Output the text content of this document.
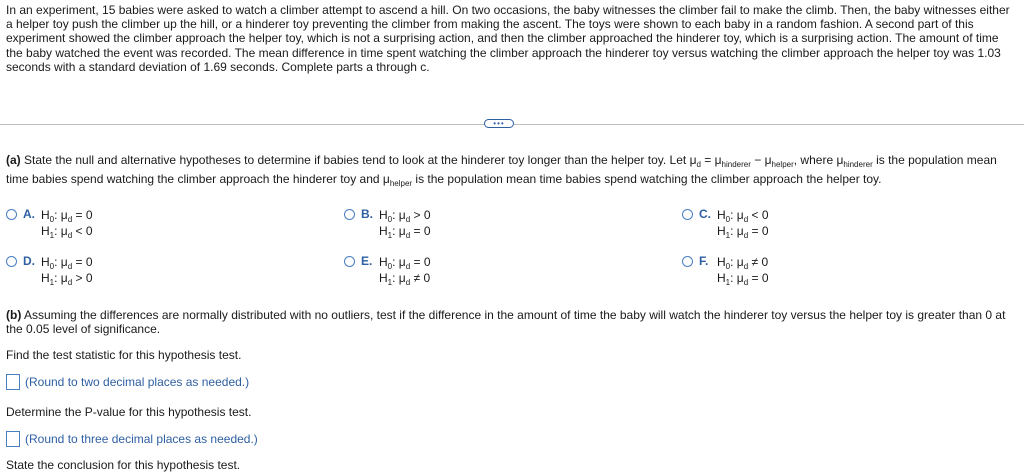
In an experiment, 15 babies were asked to watch a climber attempt to ascend a hill. On two occasions, the baby witnesses the climber fail to make the climb. Then, the baby witnesses either a helper toy push the climber up the hill, or a hinderer toy preventing the climber from making the ascent. The toys were shown to each baby in a random fashion. A second part of this experiment showed the climber approach the helper toy, which is not a surprising action, and then the climber approached the hinderer toy, which is a surprising action. The amount of time the baby watched the event was recorded. The mean difference in time spent watching the climber approach the hinderer toy versus watching the climber approach the helper toy was 1.03 seconds with a standard deviation of 1.69 seconds. Complete parts a through c.

•••

(a) State the null and alternative hypotheses to determine if babies tend to look at the hinderer toy longer than the helper toy. Let $\mu_d = \mu_{hinderer} - \mu_{helper}$, where $\mu_{hinderer}$ is the population mean time babies spend watching the climber approach the hinderer toy and $\mu_{helper}$ is the population mean time babies spend watching the climber approach the helper toy.

A. $H_0$: $\mu_d = 0$
$H_1$: $\mu_d < 0$
B. $H_0$: $\mu_d > 0$
$H_1$: $\mu_d = 0$
C. $H_0$: $\mu_d < 0$
$H_1$: $\mu_d = 0$
D. $H_0$: $\mu_d = 0$
$H_1$: $\mu_d > 0$
E. $H_0$: $\mu_d = 0$
$H_1$: $\mu_d \ne 0$
F. $H_0$: $\mu_d \ne 0$
$H_1$: $\mu_d = 0$

(b) Assuming the differences are normally distributed with no outliers, test if the difference in the amount of time the baby will watch the hinderer toy versus the helper toy is greater than 0 at the 0.05 level of significance.

Find the test statistic for this hypothesis test.

(Round to two decimal places as needed.)

Determine the P-value for this hypothesis test.

(Round to three decimal places as needed.)

State the conclusion for this hypothesis test.
